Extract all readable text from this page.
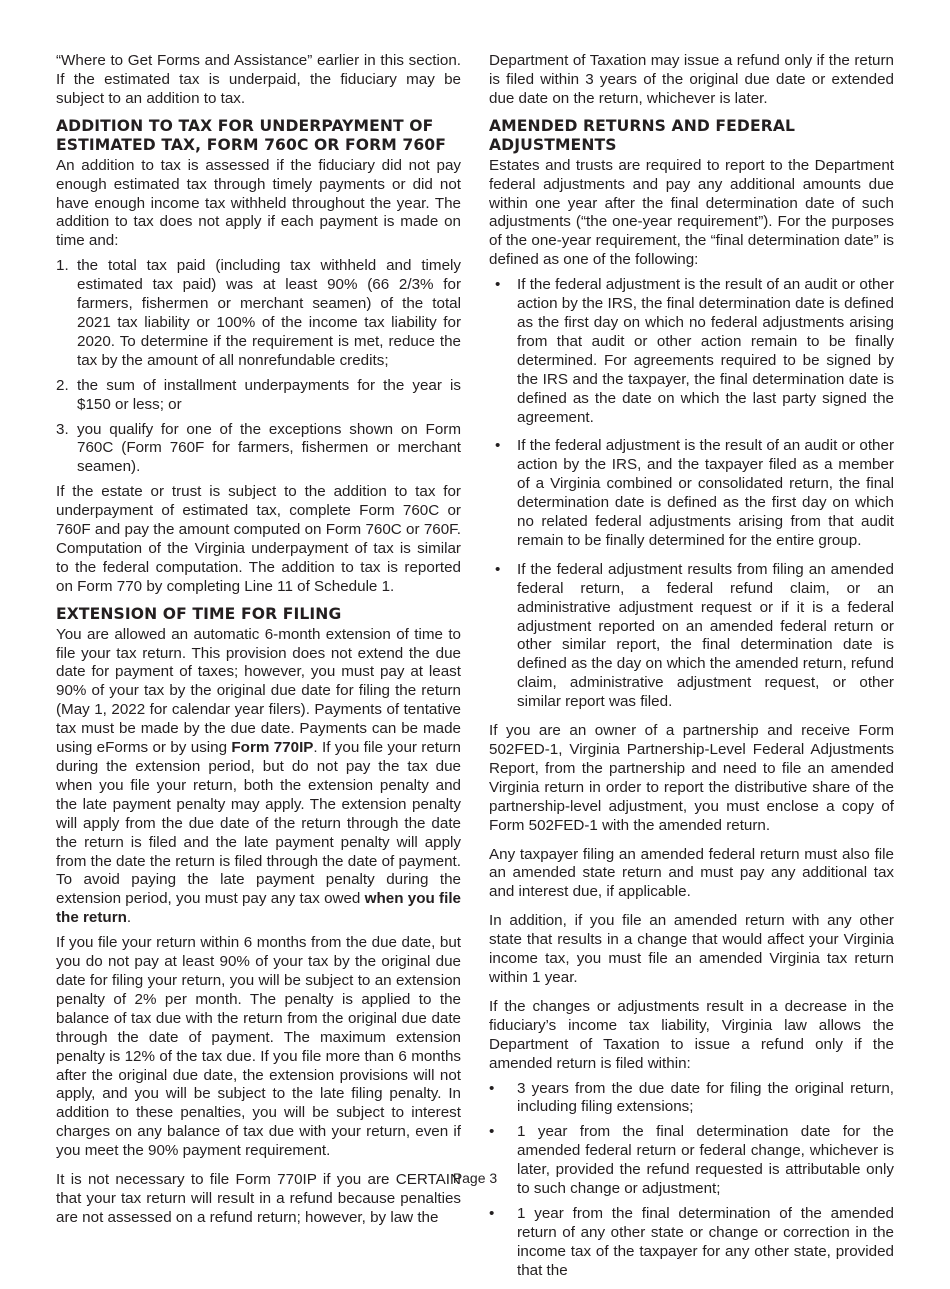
“Where to Get Forms and Assistance” earlier in this section. If the estimated tax is underpaid, the fiduciary may be subject to an addition to tax.

ADDITION TO TAX FOR UNDERPAYMENT OF ESTIMATED TAX, FORM 760C OR FORM 760F

An addition to tax is assessed if the fiduciary did not pay enough estimated tax through timely payments or did not have enough income tax withheld throughout the year. The addition to tax does not apply if each payment is made on time and:

1. the total tax paid (including tax withheld and timely estimated tax paid) was at least 90% (66 2/3% for farmers, fishermen or merchant seamen) of the total 2021 tax liability or 100% of the income tax liability for 2020. To determine if the requirement is met, reduce the tax by the amount of all nonrefundable credits;
2. the sum of installment underpayments for the year is $150 or less; or
3. you qualify for one of the exceptions shown on Form 760C (Form 760F for farmers, fishermen or merchant seamen).

If the estate or trust is subject to the addition to tax for underpayment of estimated tax, complete Form 760C or 760F and pay the amount computed on Form 760C or 760F. Computation of the Virginia underpayment of tax is similar to the federal computation. The addition to tax is reported on Form 770 by completing Line 11 of Schedule 1.

EXTENSION OF TIME FOR FILING

You are allowed an automatic 6-month extension of time to file your tax return. This provision does not extend the due date for payment of taxes; however, you must pay at least 90% of your tax by the original due date for filing the return (May 1, 2022 for calendar year filers). Payments of tentative tax must be made by the due date. Payments can be made using eForms or by using Form 770IP. If you file your return during the extension period, but do not pay the tax due when you file your return, both the extension penalty and the late payment penalty may apply. The extension penalty will apply from the due date of the return through the date the return is filed and the late payment penalty will apply from the date the return is filed through the date of payment. To avoid paying the late payment penalty during the extension period, you must pay any tax owed when you file the return.

If you file your return within 6 months from the due date, but you do not pay at least 90% of your tax by the original due date for filing your return, you will be subject to an extension penalty of 2% per month. The penalty is applied to the balance of tax due with the return from the original due date through the date of payment. The maximum extension penalty is 12% of the tax due. If you file more than 6 months after the original due date, the extension provisions will not apply, and you will be subject to the late filing penalty. In addition to these penalties, you will be subject to interest charges on any balance of tax due with your return, even if you meet the 90% payment requirement.

It is not necessary to file Form 770IP if you are CERTAIN that your tax return will result in a refund because penalties are not assessed on a refund return; however, by law the

Department of Taxation may issue a refund only if the return is filed within 3 years of the original due date or extended due date on the return, whichever is later.

AMENDED RETURNS AND FEDERAL ADJUSTMENTS

Estates and trusts are required to report to the Department federal adjustments and pay any additional amounts due within one year after the final determination date of such adjustments (“the one-year requirement”). For the purposes of the one-year requirement, the “final determination date” is defined as one of the following:

• If the federal adjustment is the result of an audit or other action by the IRS, the final determination date is defined as the first day on which no federal adjustments arising from that audit or other action remain to be finally determined. For agreements required to be signed by the IRS and the taxpayer, the final determination date is defined as the date on which the last party signed the agreement.
• If the federal adjustment is the result of an audit or other action by the IRS, and the taxpayer filed as a member of a Virginia combined or consolidated return, the final determination date is defined as the first day on which no related federal adjustments arising from that audit remain to be finally determined for the entire group.
• If the federal adjustment results from filing an amended federal return, a federal refund claim, or an administrative adjustment request or if it is a federal adjustment reported on an amended federal return or other similar report, the final determination date is defined as the day on which the amended return, refund claim, administrative adjustment request, or other similar report was filed.

If you are an owner of a partnership and receive Form 502FED-1, Virginia Partnership-Level Federal Adjustments Report, from the partnership and need to file an amended Virginia return in order to report the distributive share of the partnership-level adjustment, you must enclose a copy of Form 502FED-1 with the amended return.

Any taxpayer filing an amended federal return must also file an amended state return and must pay any additional tax and interest due, if applicable.

In addition, if you file an amended return with any other state that results in a change that would affect your Virginia income tax, you must file an amended Virginia tax return within 1 year.

If the changes or adjustments result in a decrease in the fiduciary’s income tax liability, Virginia law allows the Department of Taxation to issue a refund only if the amended return is filed within:

• 3 years from the due date for filing the original return, including filing extensions;
• 1 year from the final determination date for the amended federal return or federal change, whichever is later, provided the refund requested is attributable only to such change or adjustment;
• 1 year from the final determination of the amended return of any other state or change or correction in the income tax of the taxpayer for any other state, provided that the
Page 3
